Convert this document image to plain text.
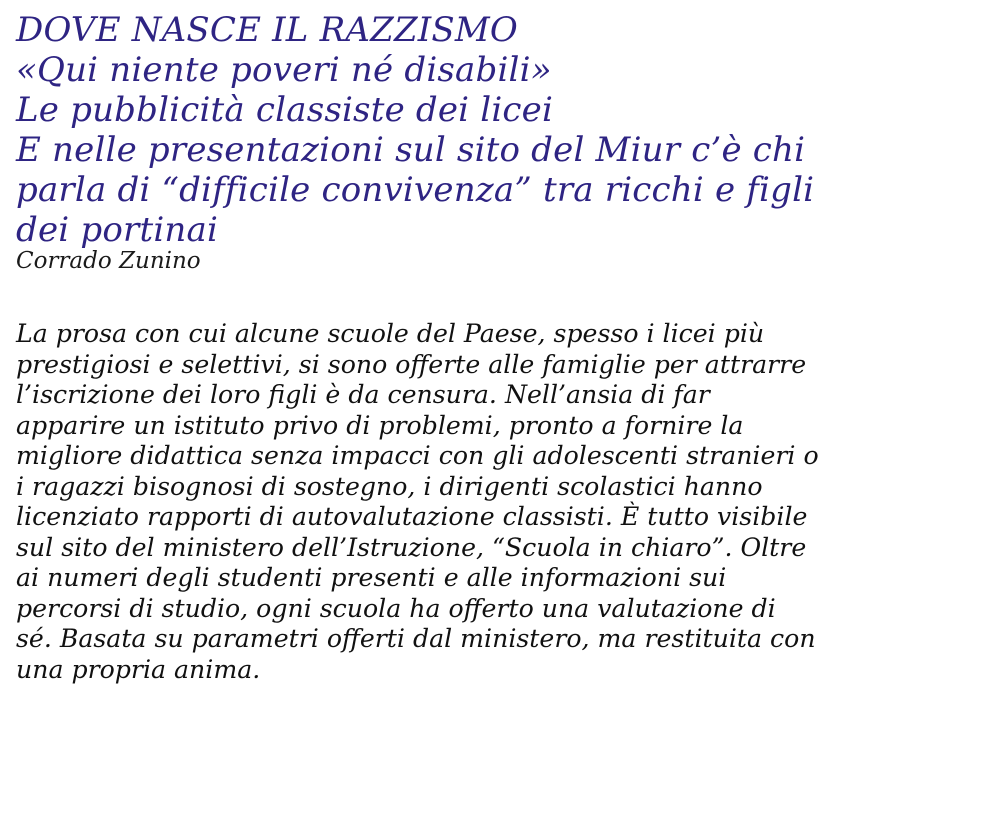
DOVE NASCE IL RAZZISMO
«Qui niente poveri né disabili»
Le pubblicità classiste dei licei
E nelle presentazioni sul sito del Miur c’è chi
parla di “difficile convivenza” tra ricchi e figli
dei portinai

Corrado Zunino

La prosa con cui alcune scuole del Paese, spesso i licei più
prestigiosi e selettivi, si sono offerte alle famiglie per attrarre
l’iscrizione dei loro figli è da censura. Nell’ansia di far
apparire un istituto privo di problemi, pronto a fornire la
migliore didattica senza impacci con gli adolescenti stranieri o
i ragazzi bisognosi di sostegno, i dirigenti scolastici hanno
licenziato rapporti di autovalutazione classisti. È tutto visibile
sul sito del ministero dell’Istruzione, “Scuola in chiaro”. Oltre
ai numeri degli studenti presenti e alle informazioni sui
percorsi di studio, ogni scuola ha offerto una valutazione di
sé. Basata su parametri offerti dal ministero, ma restituita con
una propria anima.
